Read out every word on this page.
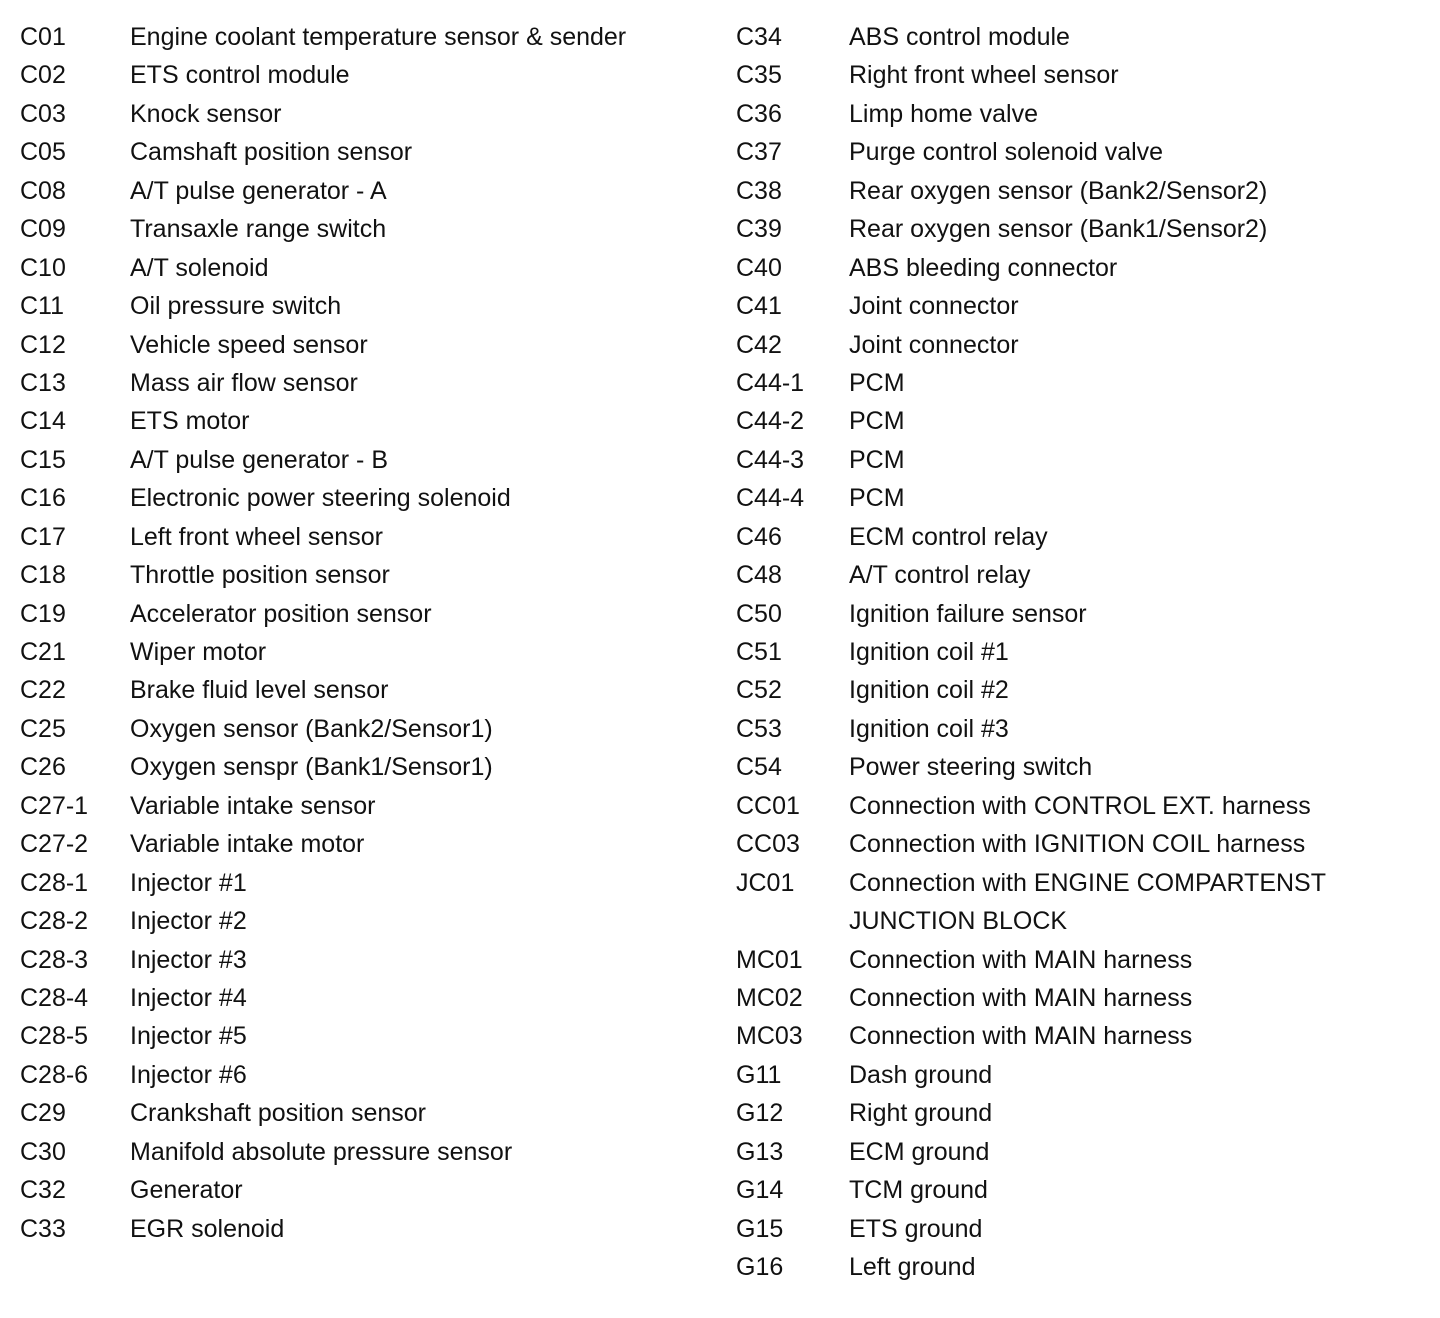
C01	Engine coolant temperature sensor & sender
C02	ETS control module
C03	Knock sensor
C05	Camshaft position sensor
C08	A/T pulse generator - A
C09	Transaxle range switch
C10	A/T solenoid
C11	Oil pressure switch
C12	Vehicle speed sensor
C13	Mass air flow sensor
C14	ETS motor
C15	A/T pulse generator - B
C16	Electronic power steering solenoid
C17	Left front wheel sensor
C18	Throttle position sensor
C19	Accelerator position sensor
C21	Wiper motor
C22	Brake fluid level sensor
C25	Oxygen sensor (Bank2/Sensor1)
C26	Oxygen senspr (Bank1/Sensor1)
C27-1 Variable intake sensor
C27-2 Variable intake motor
C28-1 Injector #1
C28-2 Injector #2
C28-3 Injector #3
C28-4 Injector #4
C28-5 Injector #5
C28-6 Injector #6
C29	Crankshaft position sensor
C30	Manifold absolute pressure sensor
C32	Generator
C33	EGR solenoid
C34	ABS control module
C35	Right front wheel sensor
C36	Limp home valve
C37	Purge control solenoid valve
C38	Rear oxygen sensor (Bank2/Sensor2)
C39	Rear oxygen sensor (Bank1/Sensor2)
C40	ABS bleeding connector
C41	Joint connector
C42	Joint connector
C44-1 PCM
C44-2 PCM
C44-3 PCM
C44-4 PCM
C46	ECM control relay
C48	A/T control relay
C50	Ignition failure sensor
C51	Ignition coil #1
C52	Ignition coil #2
C53	Ignition coil #3
C54	Power steering switch
CC01 Connection with CONTROL EXT. harness
CC03 Connection with IGNITION COIL harness
JC01 Connection with ENGINE COMPARTENST
JUNCTION BLOCK
MC01 Connection with MAIN harness
MC02 Connection with MAIN harness
MC03 Connection with MAIN harness
G11	Dash ground
G12	Right ground
G13	ECM ground
G14	TCM ground
G15	ETS ground
G16	Left ground
